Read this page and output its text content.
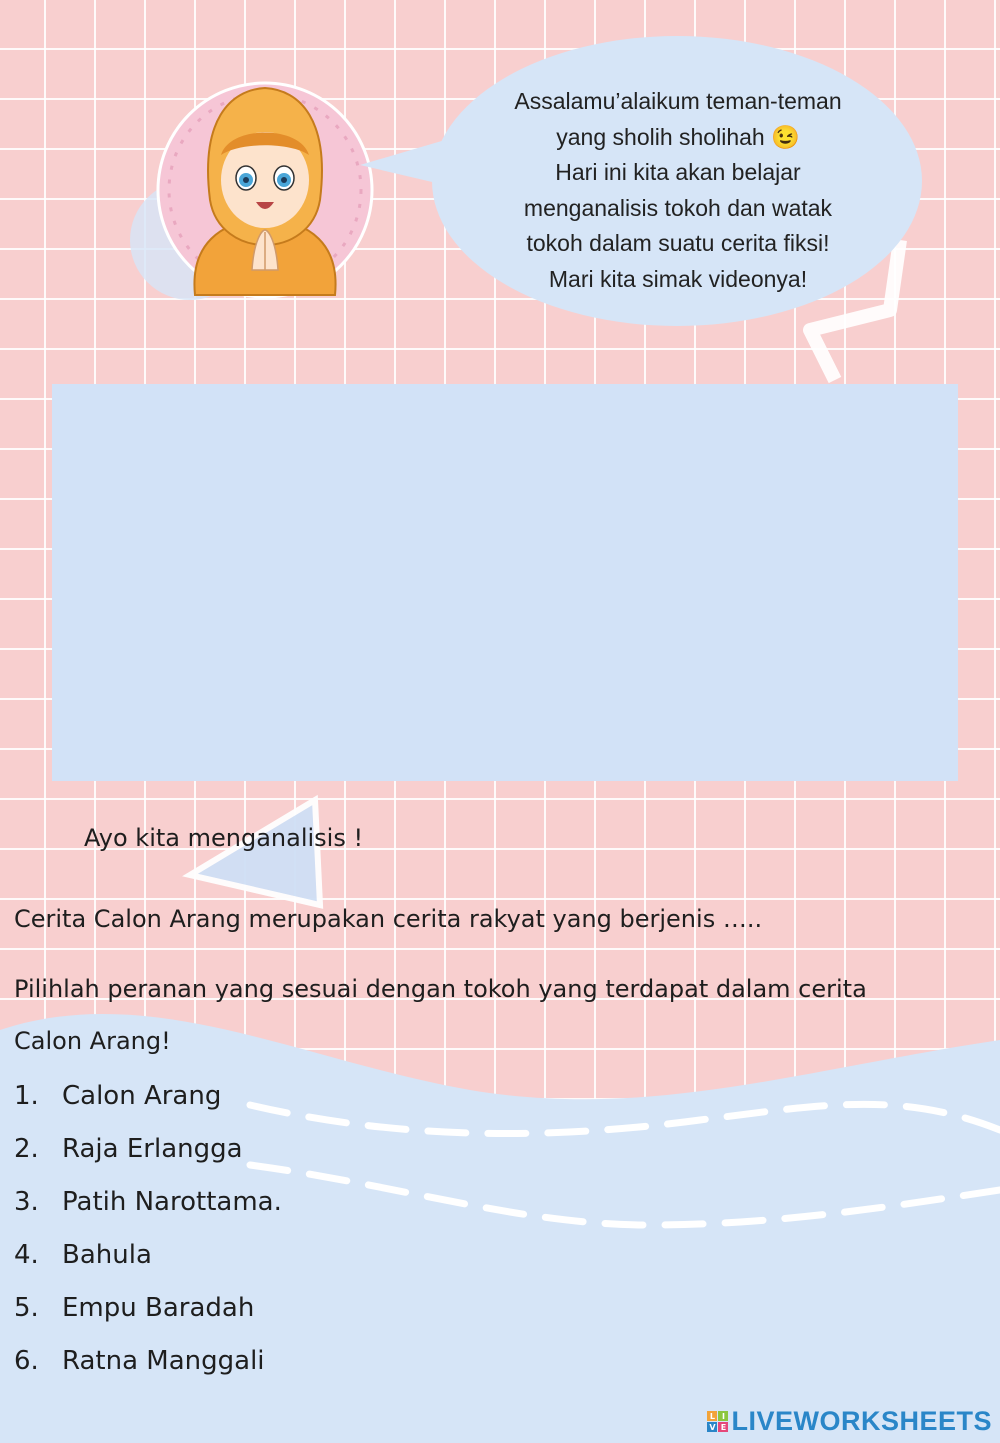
Assalamu’alaikum teman-teman
yang sholih sholihah 😉
Hari ini kita akan belajar
menganalisis tokoh dan watak
tokoh dalam suatu cerita fiksi!
Mari kita simak videonya!
Ayo kita menganalisis !
Cerita Calon Arang merupakan cerita rakyat yang berjenis …..
Pilihlah peranan yang sesuai dengan tokoh yang terdapat dalam cerita
Calon Arang!
1. Calon Arang
2. Raja Erlangga
3. Patih Narottama.
4. Bahula
5. Empu Baradah
6. Ratna Manggali
L I
V E LIVEWORKSHEETS
